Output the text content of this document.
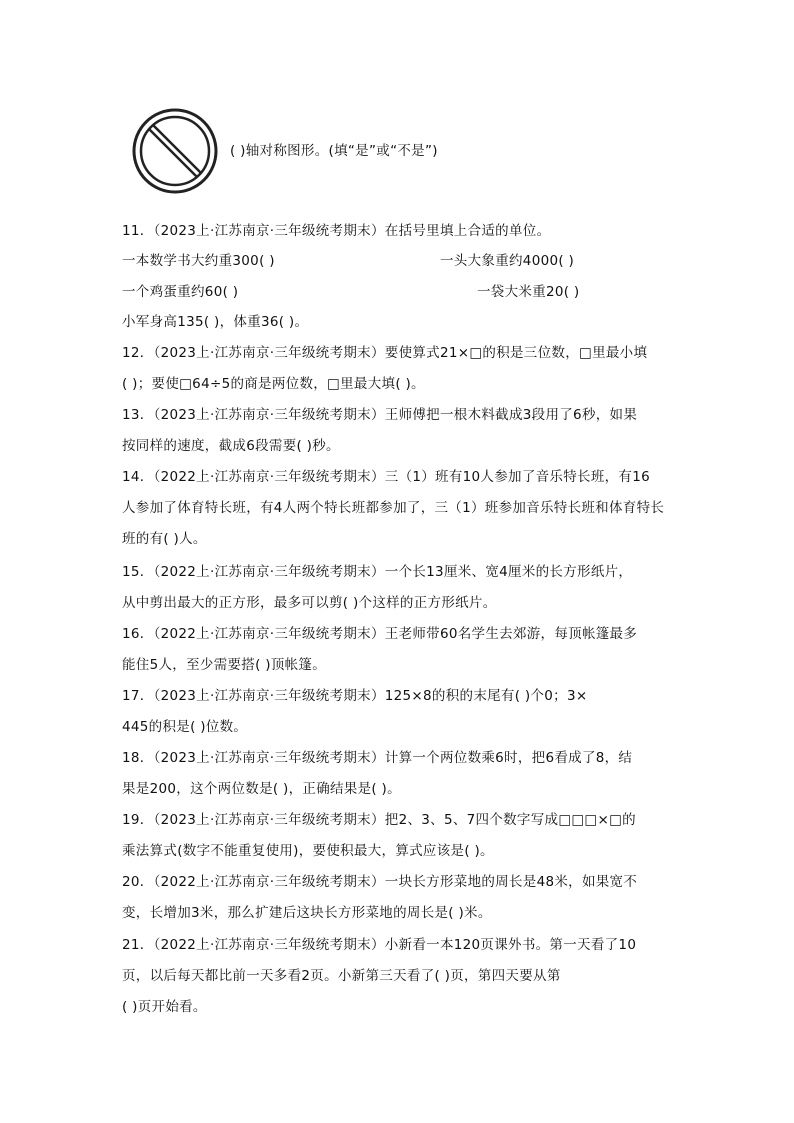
( )轴对称图形。(填“是”或“不是”)
11．（2023上·江苏南京·三年级统考期末）在括号里填上合适的单位。
一本数学书大约重300( )	一头大象重约4000( )
一个鸡蛋重约60( )	一袋大米重20( )
小军身高135( )，体重36( )。
12．（2023上·江苏南京·三年级统考期末）要使算式21×□的积是三位数，□里最小填
( )；要使□64÷5的商是两位数，□里最大填( )。
13．（2023上·江苏南京·三年级统考期末）王师傅把一根木料截成3段用了6秒，如果
按同样的速度，截成6段需要( )秒。
14．（2022上·江苏南京·三年级统考期末）三（1）班有10人参加了音乐特长班，有16
人参加了体育特长班，有4人两个特长班都参加了，三（1）班参加音乐特长班和体育特长
班的有( )人。
15．（2022上·江苏南京·三年级统考期末）一个长13厘米、宽4厘米的长方形纸片，
从中剪出最大的正方形，最多可以剪( )个这样的正方形纸片。
16．（2022上·江苏南京·三年级统考期末）王老师带60名学生去郊游，每顶帐篷最多
能住5人，至少需要搭( )顶帐篷。
17．（2023上·江苏南京·三年级统考期末）125×8的积的末尾有( )个0；3×
445的积是( )位数。
18．（2023上·江苏南京·三年级统考期末）计算一个两位数乘6时，把6看成了8，结
果是200，这个两位数是( )，正确结果是( )。
19．（2023上·江苏南京·三年级统考期末）把2、3、5、7四个数字写成□□□×□的
乘法算式(数字不能重复使用)，要使积最大，算式应该是( )。
20．（2022上·江苏南京·三年级统考期末）一块长方形菜地的周长是48米，如果宽不
变，长增加3米，那么扩建后这块长方形菜地的周长是( )米。
21．（2022上·江苏南京·三年级统考期末）小新看一本120页课外书。第一天看了10
页，以后每天都比前一天多看2页。小新第三天看了( )页，第四天要从第
( )页开始看。
